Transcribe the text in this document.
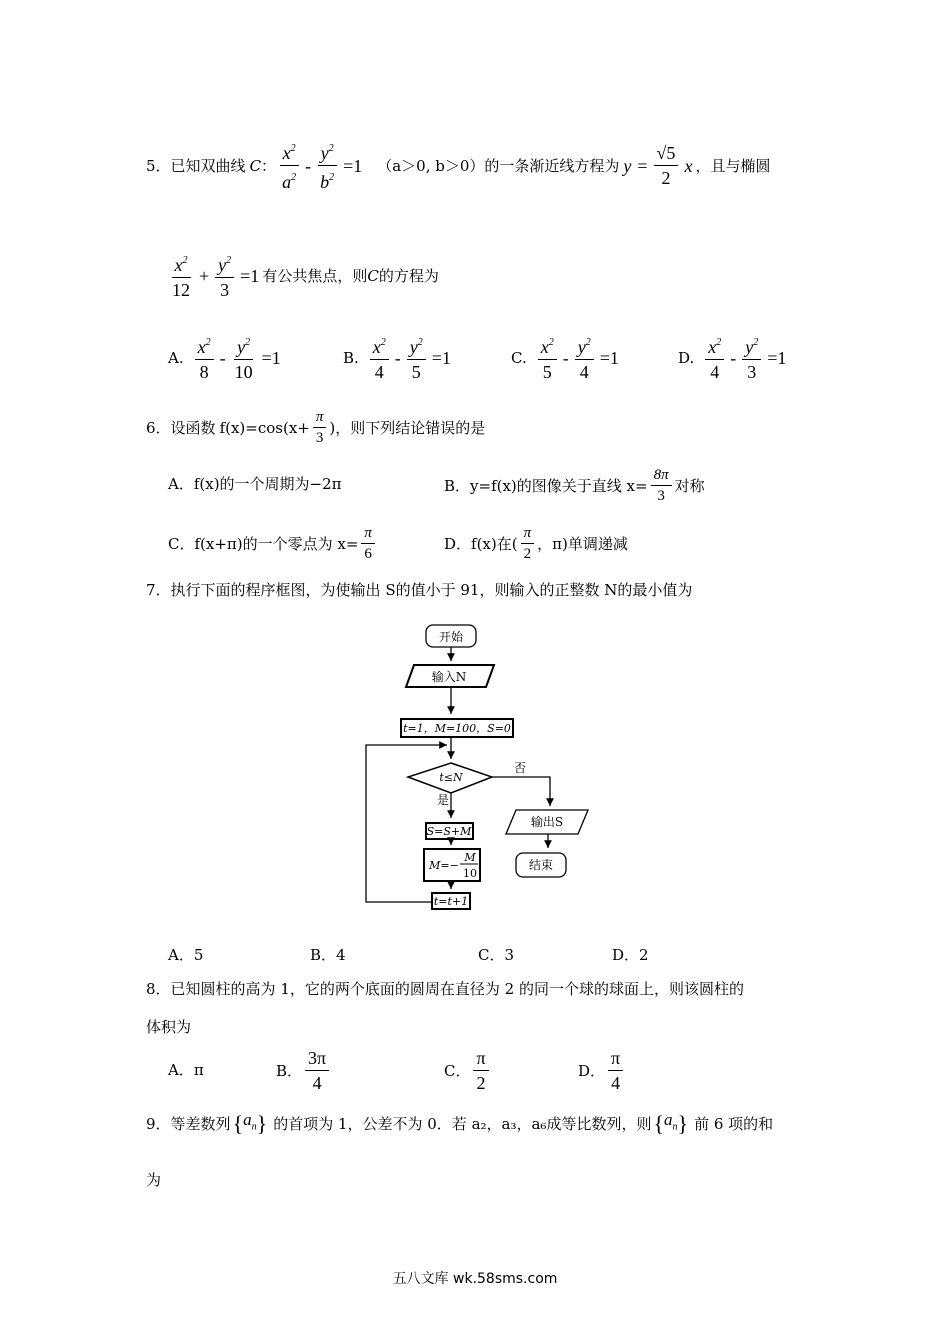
5． 已知双曲线 C ： $\frac{x^2}{a^2} - \frac{y^2}{b^2} =1$ （a＞0, b＞0）的一条渐近线方程为 $y = \frac{√5}{2}$ x ，且与椭圆
$\frac{x^2}{12} + \frac{y^2}{3} =1$ 有公共焦点，则 C 的方程为
A. $\frac{x^2}{8} - \frac{y^2}{10} =1$	B. $\frac{x^2}{4} - \frac{y^2}{5} =1$	C. $\frac{x^2}{5} - \frac{y^2}{4} =1$	D. $\frac{x^2}{4} - \frac{y^2}{3} =1$
6． 设函数 $f(x)=\cos(x+ \frac{\pi}{3}$ )，则下列结论错误的是
A．f(x)的一个周期为−2π	B．y=f(x)的图像关于直线 $x= \frac{8\pi}{3}$ 对称
C．f(x+π)的一个零点为 $x= \frac{\pi}{6}$	D．f(x)在( $\frac{\pi}{2}$ ，π)单调递减
7． 执行下面的程序框图，为使输出 S的值小于 91，则输入的正整数 N的最小值为
开始
输入N
t=1，M=100，S=0
t≤N
否
是
S=S+M
M=−
M
10
t=t+1
输出S
结束
A．5	B．4	C．3	D．2
8． 已知圆柱的高为 1，它的两个底面的圆周在直径为 2 的同一个球的球面上，则该圆柱的
体积为
A．π	B． $\frac{3\pi}{4}$	C． $\frac{\pi}{2}$	D． $\frac{\pi}{4}$
9． 等差数列 { $a_n$ } 的首项为 1，公差不为 0．若 a₂，a₃，a₆成等比数列，则 { $a_n$ } 前 6 项的和
为
五八文库 wk.58sms.com
